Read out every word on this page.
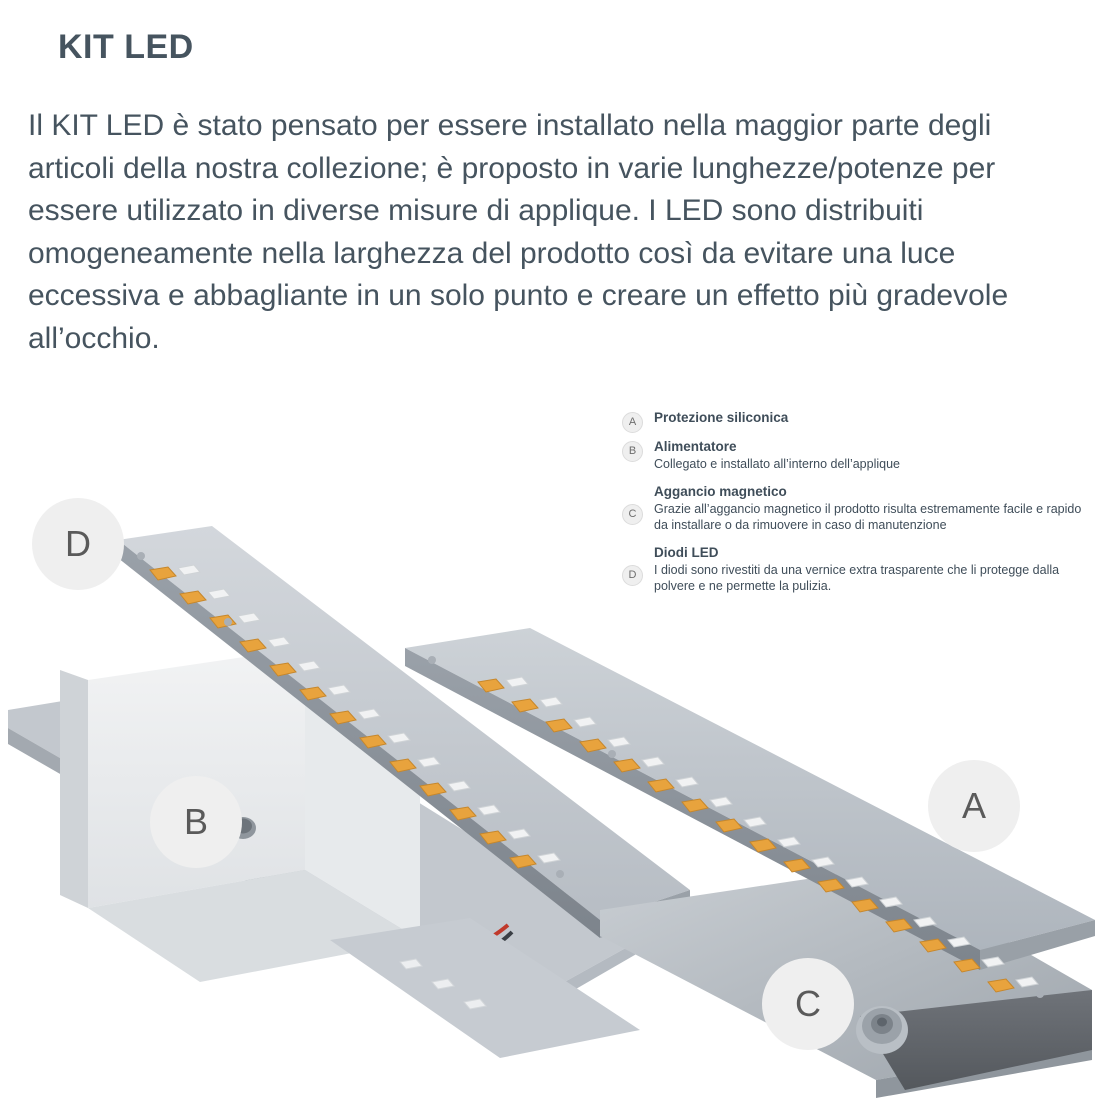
KIT LED
Il KIT LED è stato pensato per essere installato nella maggior parte degli articoli della nostra collezione; è proposto in varie lunghezze/potenze per essere utilizzato in diverse misure di applique. I LED sono distribuiti omogeneamente nella larghezza del prodotto così da evitare una luce eccessiva e abbagliante in un solo punto e creare un effetto più gradevole all’occhio.
A	Protezione siliconica
B	Alimentatore
Collegato e installato all’interno dell’applique
C
Aggancio magnetico
Grazie all’aggancio magnetico il prodotto risulta estremamente facile e rapido da installare o da rimuovere in caso di manutenzione
D
Diodi LED
I diodi sono rivestiti da una vernice extra trasparente che li protegge dalla polvere e ne permette la pulizia.
D
B	A
C
